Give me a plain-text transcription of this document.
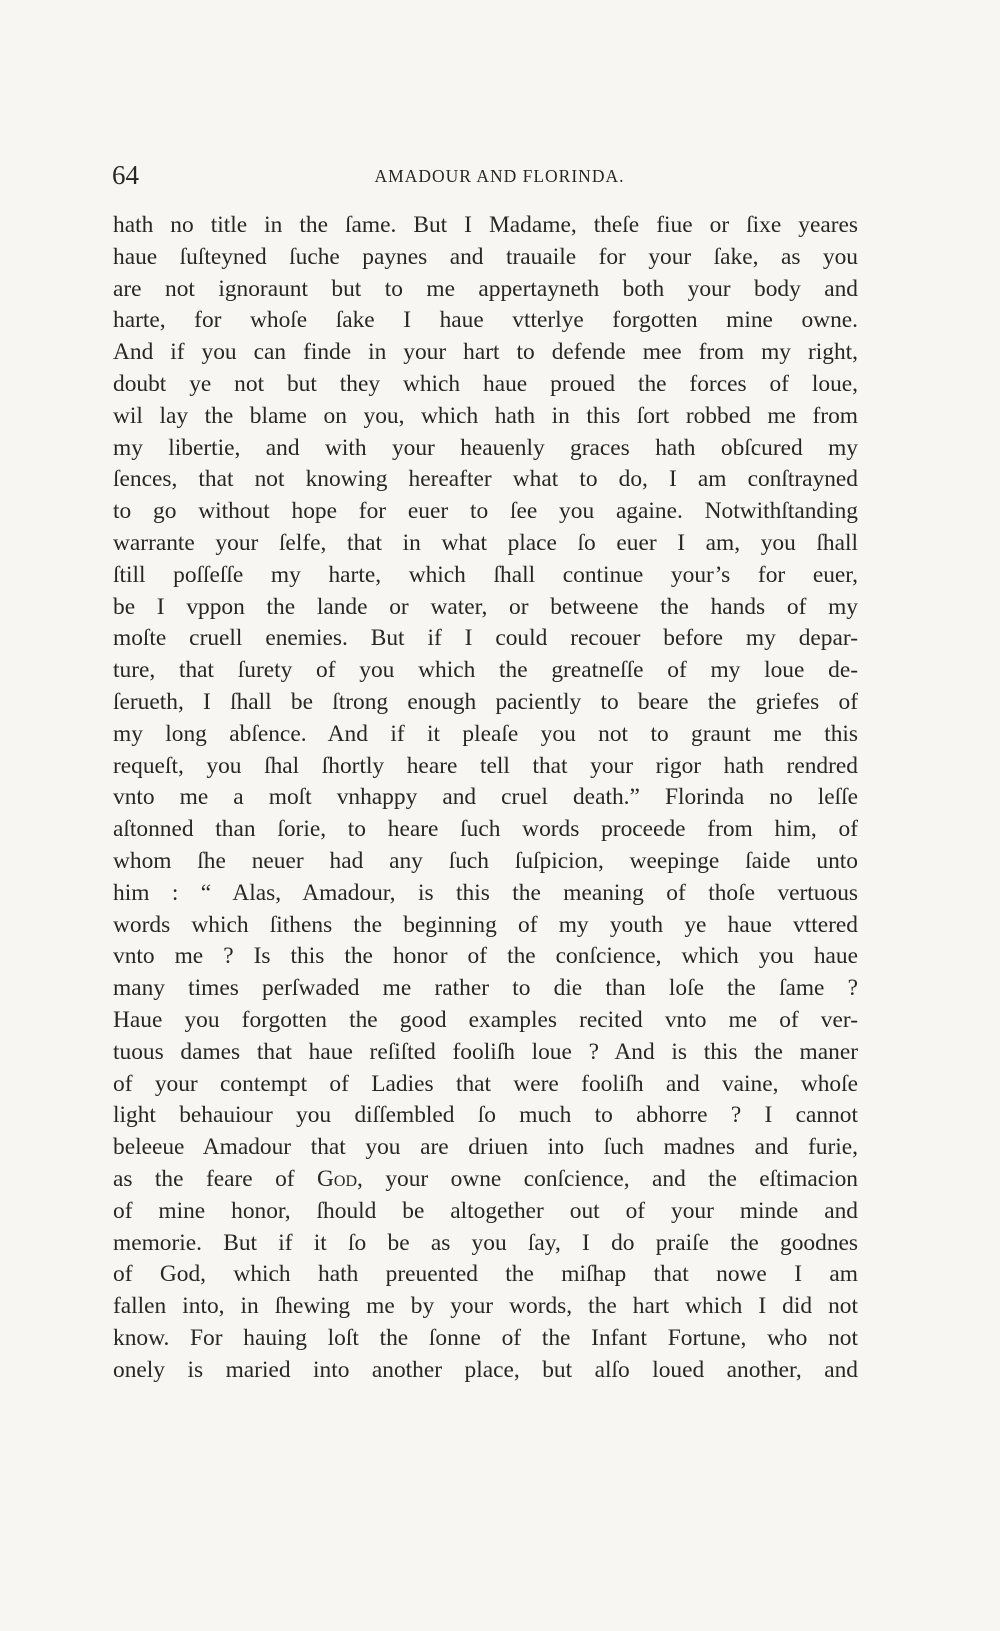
64	AMADOUR AND FLORINDA.
hath no title in the ſame. But I Madame, theſe fiue or ſixe yeares
haue ſuſteyned ſuche paynes and trauaile for your ſake, as you
are not ignoraunt but to me appertayneth both your body and
harte, for whoſe ſake I haue vtterlye forgotten mine owne.
And if you can finde in your hart to defende mee from my right,
doubt ye not but they which haue proued the forces of loue,
wil lay the blame on you, which hath in this ſort robbed me from
my libertie, and with your heauenly graces hath obſcured my
ſences, that not knowing hereafter what to do, I am conſtrayned
to go without hope for euer to ſee you againe. Notwithſtanding
warrante your ſelfe, that in what place ſo euer I am, you ſhall
ſtill poſſeſſe my harte, which ſhall continue your’s for euer,
be I vppon the lande or water, or betweene the hands of my
moſte cruell enemies. But if I could recouer before my depar-
ture, that ſurety of you which the greatneſſe of my loue de-
ſerueth, I ſhall be ſtrong enough paciently to beare the griefes of
my long abſence. And if it pleaſe you not to graunt me this
requeſt, you ſhal ſhortly heare tell that your rigor hath rendred
vnto me a moſt vnhappy and cruel death.” Florinda no leſſe
aſtonned than ſorie, to heare ſuch words proceede from him, of
whom ſhe neuer had any ſuch ſuſpicion, weepinge ſaide unto
him : “ Alas, Amadour, is this the meaning of thoſe vertuous
words which ſithens the beginning of my youth ye haue vttered
vnto me ? Is this the honor of the conſcience, which you haue
many times perſwaded me rather to die than loſe the ſame ?
Haue you forgotten the good examples recited vnto me of ver-
tuous dames that haue reſiſted fooliſh loue ? And is this the maner
of your contempt of Ladies that were fooliſh and vaine, whoſe
light behauiour you diſſembled ſo much to abhorre ? I cannot
beleeue Amadour that you are driuen into ſuch madnes and furie,
as the feare of God, your owne conſcience, and the eſtimacion
of mine honor, ſhould be altogether out of your minde and
memorie. But if it ſo be as you ſay, I do praiſe the goodnes
of God, which hath preuented the miſhap that nowe I am
fallen into, in ſhewing me by your words, the hart which I did not
know. For hauing loſt the ſonne of the Infant Fortune, who not
onely is maried into another place, but alſo loued another, and
